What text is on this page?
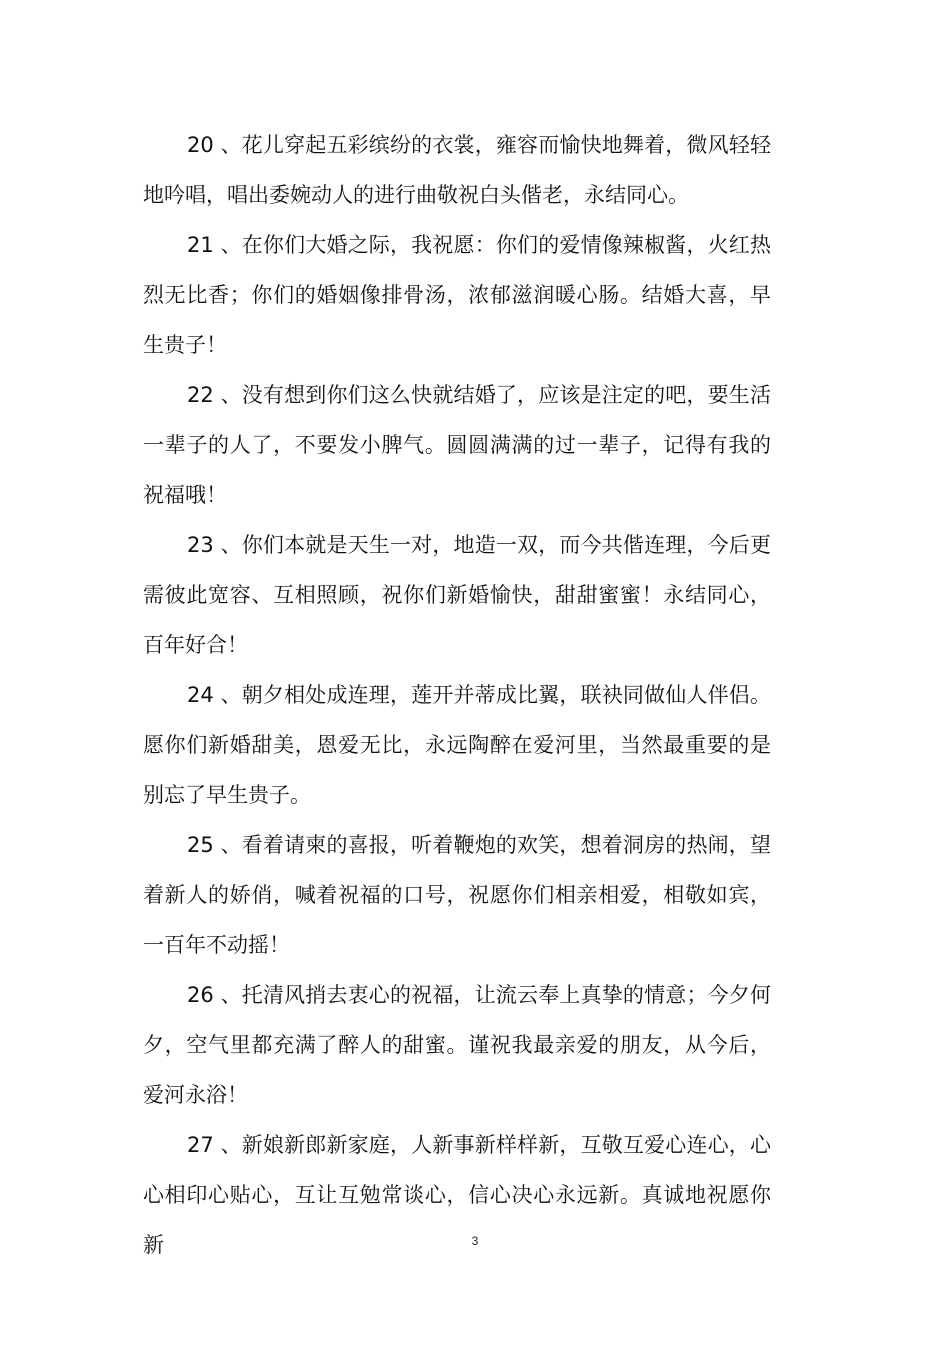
20 、花儿穿起五彩缤纷的衣裳，雍容而愉快地舞着，微风轻轻地吟唱，唱出委婉动人的进行曲敬祝白头偕老，永结同心。

21 、在你们大婚之际，我祝愿：你们的爱情像辣椒酱，火红热烈无比香；你们的婚姻像排骨汤，浓郁滋润暖心肠。结婚大喜，早生贵子！

22 、没有想到你们这么快就结婚了，应该是注定的吧，要生活一辈子的人了，不要发小脾气。圆圆满满的过一辈子，记得有我的祝福哦！

23 、你们本就是天生一对，地造一双，而今共偕连理，今后更需彼此宽容、互相照顾，祝你们新婚愉快，甜甜蜜蜜！永结同心，百年好合！

24 、朝夕相处成连理，莲开并蒂成比翼，联袂同做仙人伴侣。愿你们新婚甜美，恩爱无比，永远陶醉在爱河里，当然最重要的是别忘了早生贵子。

25 、看着请柬的喜报，听着鞭炮的欢笑，想着洞房的热闹，望着新人的娇俏，喊着祝福的口号，祝愿你们相亲相爱，相敬如宾，一百年不动摇！

26 、托清风捎去衷心的祝福，让流云奉上真挚的情意；今夕何夕，空气里都充满了醉人的甜蜜。谨祝我最亲爱的朋友，从今后，爱河永浴！

27 、新娘新郎新家庭，人新事新样样新，互敬互爱心连心，心心相印心贴心，互让互勉常谈心，信心决心永远新。真诚地祝愿你新	3
